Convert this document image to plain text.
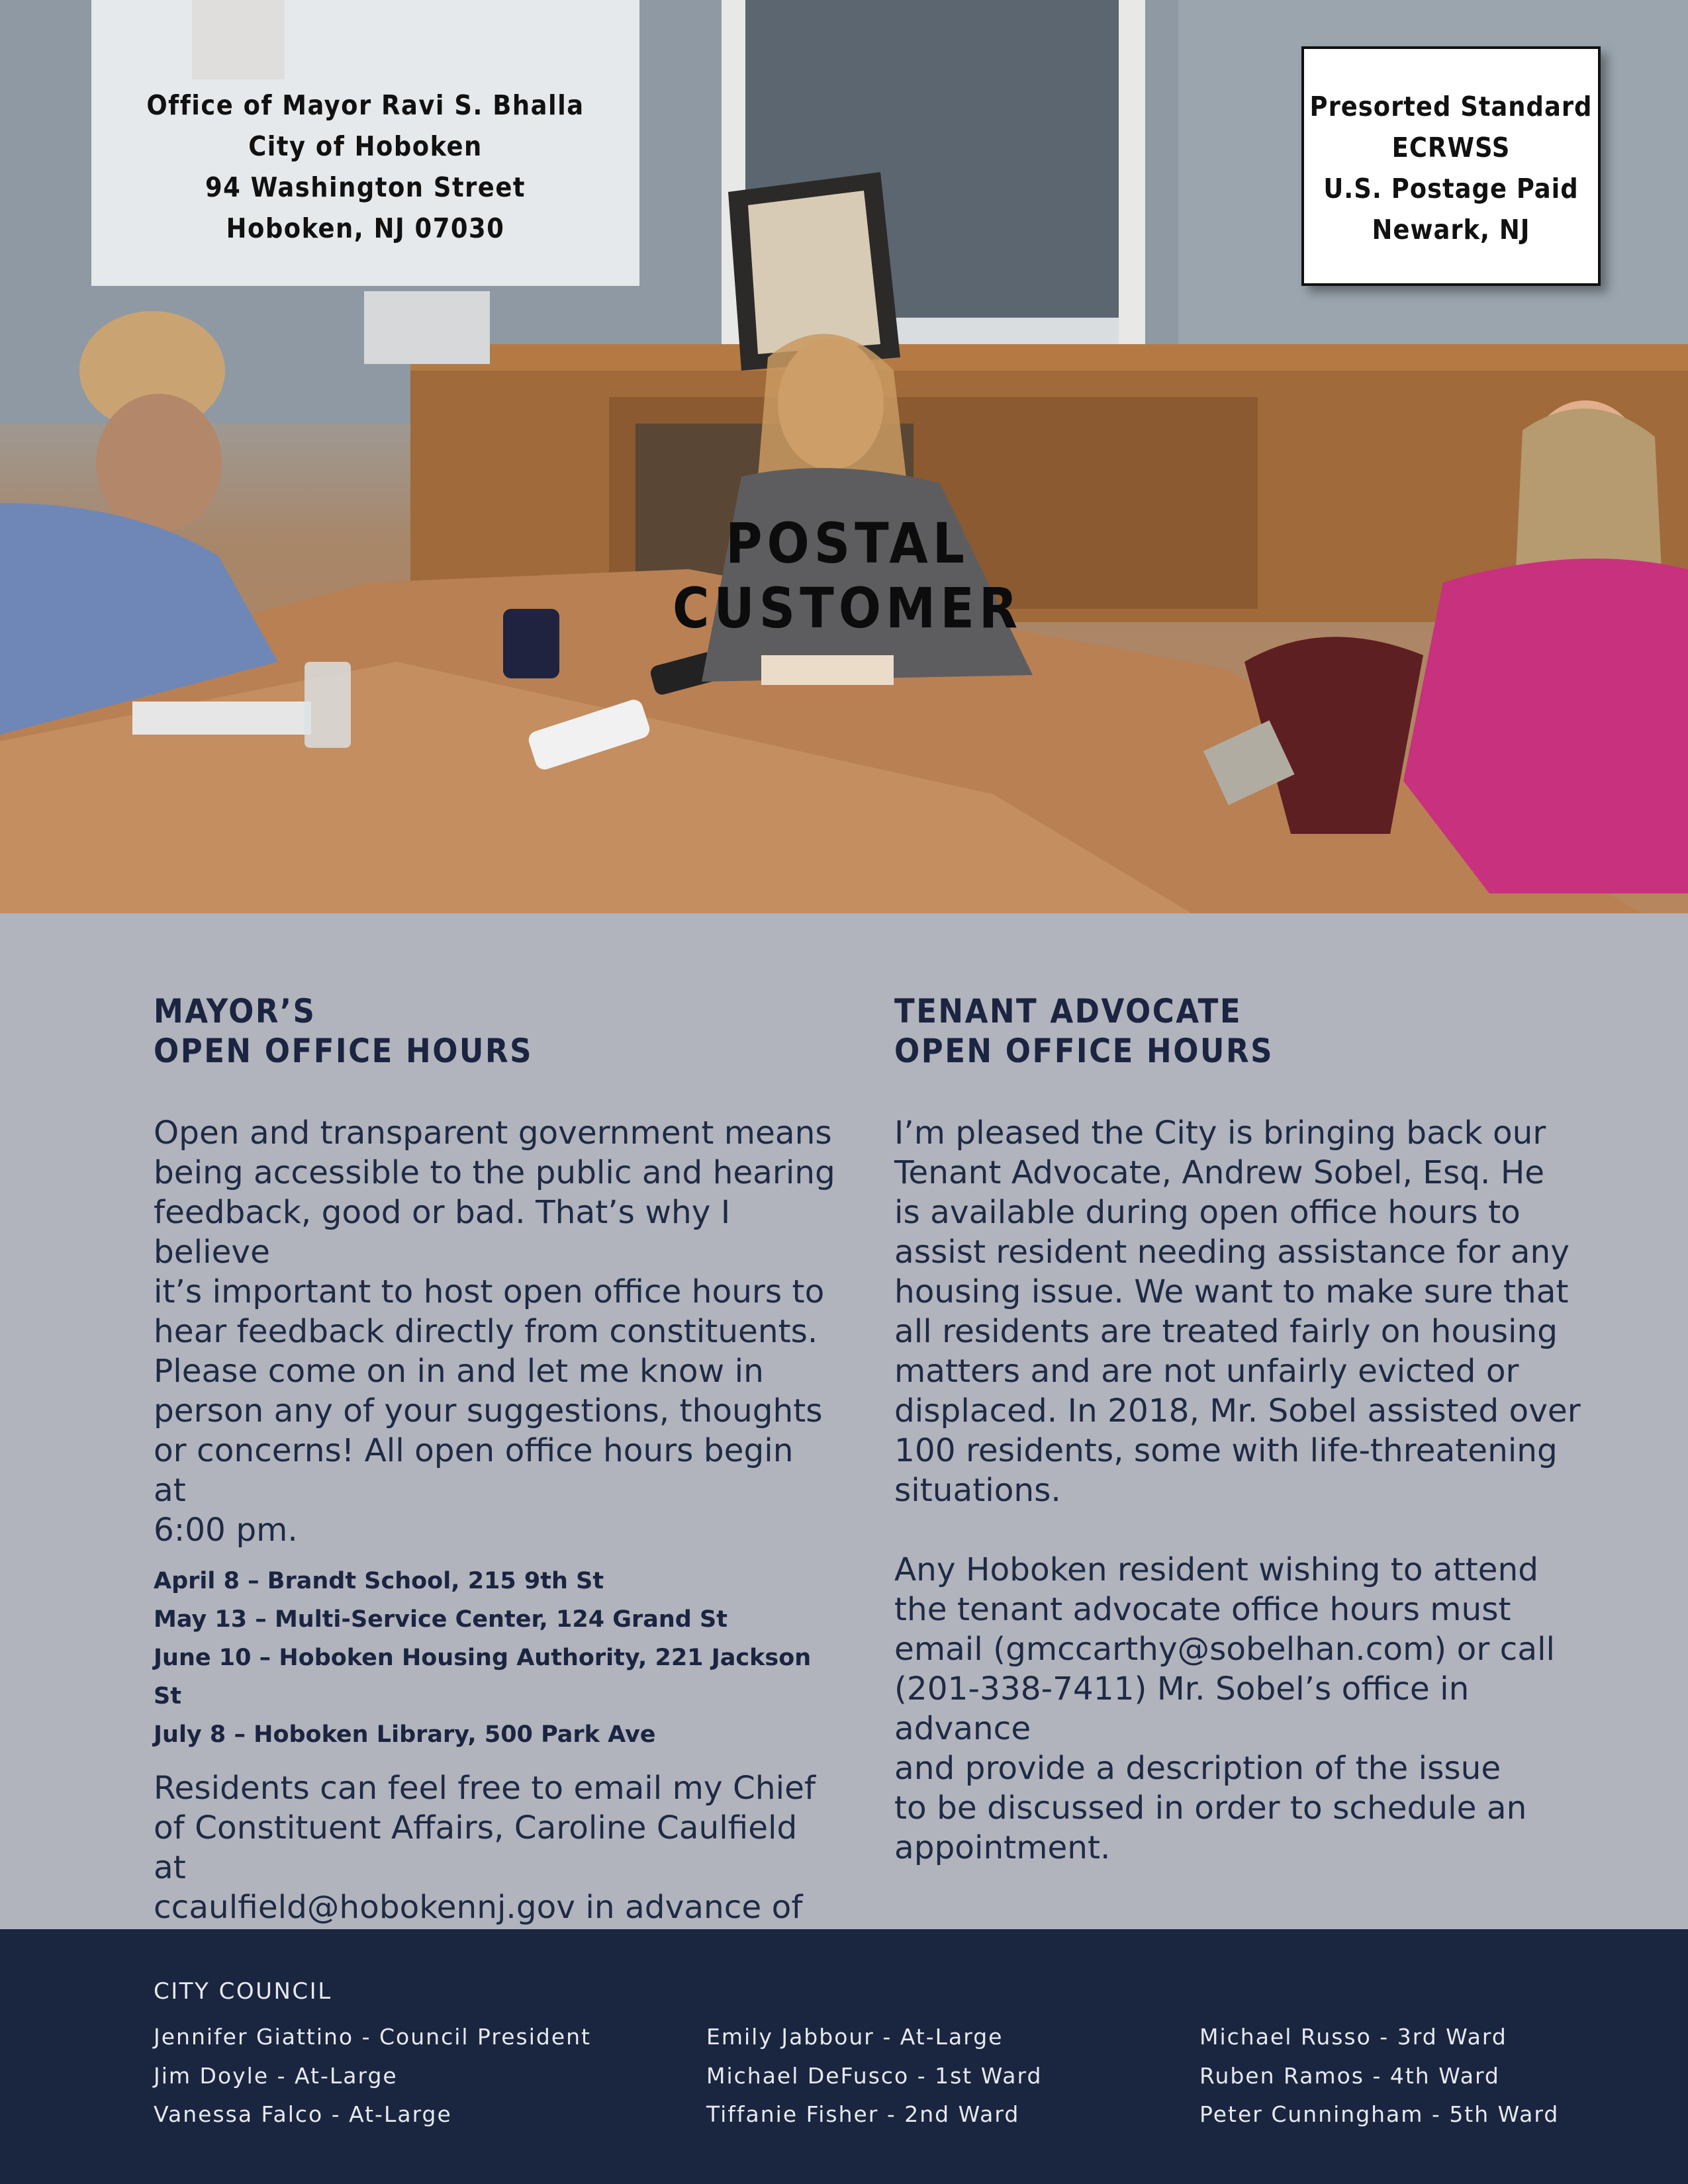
Office of Mayor Ravi S. Bhalla
City of Hoboken
94 Washington Street
Hoboken, NJ 07030
Presorted Standard
ECRWSS
U.S. Postage Paid
Newark, NJ
POSTAL CUSTOMER
MAYOR’S
OPEN OFFICE HOURS
Open and transparent government means
being accessible to the public and hearing
feedback, good or bad. That’s why I believe
it’s important to host open office hours to
hear feedback directly from constituents.
Please come on in and let me know in
person any of your suggestions, thoughts
or concerns! All open office hours begin at
6:00 pm.
April 8 – Brandt School, 215 9th St
May 13 – Multi-Service Center, 124 Grand St
June 10 – Hoboken Housing Authority, 221 Jackson St
July 8 – Hoboken Library, 500 Park Ave
Residents can feel free to email my Chief
of Constituent Affairs, Caroline Caulfield at
ccaulfield@hobokennj.gov in advance of

TENANT ADVOCATE
OPEN OFFICE HOURS
I’m pleased the City is bringing back our
Tenant Advocate, Andrew Sobel, Esq. He
is available during open office hours to
assist resident needing assistance for any
housing issue. We want to make sure that
all residents are treated fairly on housing
matters and are not unfairly evicted or
displaced. In 2018, Mr. Sobel assisted over
100 residents, some with life-threatening
situations.
Any Hoboken resident wishing to attend
the tenant advocate office hours must
email (gmccarthy@sobelhan.com) or call
(201-338-7411) Mr. Sobel’s office in advance
and provide a description of the issue
to be discussed in order to schedule an
appointment.
CITY COUNCIL
Jennifer Giattino - Council President
Jim Doyle - At-Large
Vanessa Falco - At-Large
Emily Jabbour - At-Large
Michael DeFusco - 1st Ward
Tiffanie Fisher - 2nd Ward
Michael Russo - 3rd Ward
Ruben Ramos - 4th Ward
Peter Cunningham - 5th Ward
